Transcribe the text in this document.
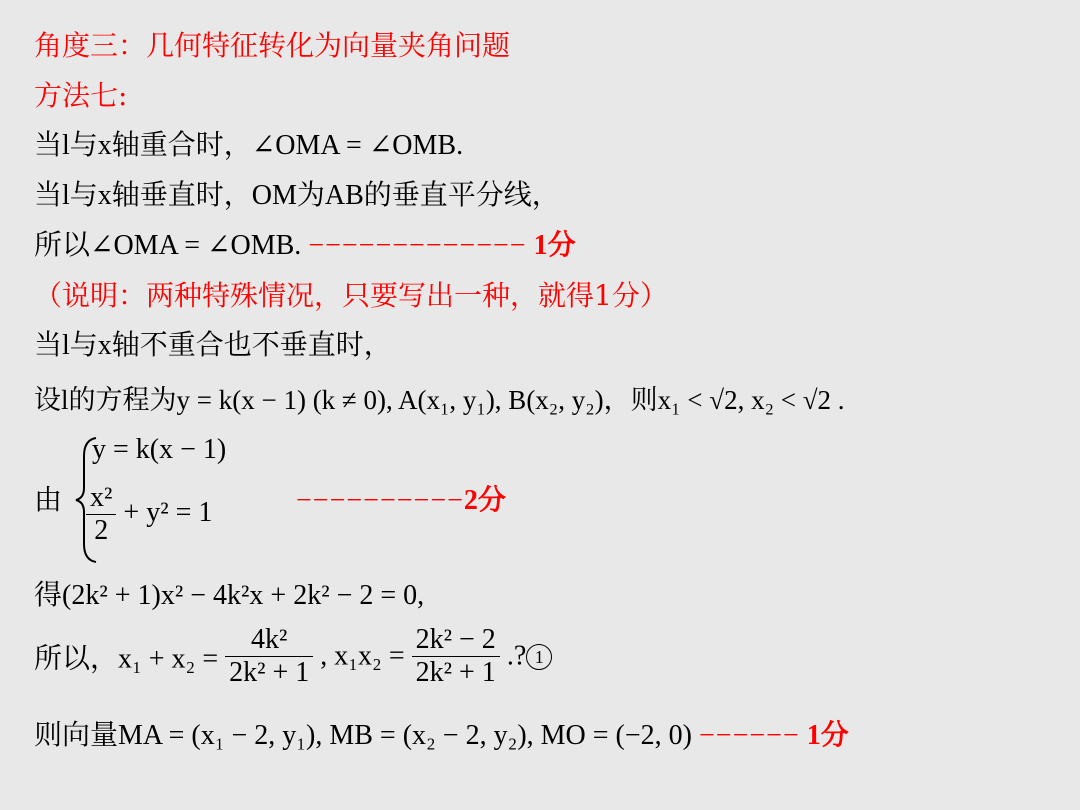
角度三：几何特征转化为向量夹角问题
方法七:
当l与x轴重合时，∠OMA = ∠OMB.
当l与x轴垂直时，OM为AB的垂直平分线，
所以∠OMA = ∠OMB. −−−−−−−−−−−−− 1分
（说明：两种特殊情况，只要写出一种，就得1分）
当l与x轴不重合也不垂直时，
设l的方程为y = k(x − 1) (k ≠ 0), A(x₁, y₁), B(x₂, y₂)，则x₁ < √2, x₂ < √2 .
由
y = k(x − 1)
$\frac{\text{x²}}{2} + y^2 = 1$	−−−−−−−−−−2分
得(2k² + 1)x² − 4k²x + 2k² − 2 = 0,
所以，$x_1 + x_2 = \frac{\text{4k²}}{\text{2k² + 1}}$ , $x_1x_2 = \frac{\text{2k² − 2}}{\text{2k² + 1}}$ .? 1
则向量MA = (x₁ − 2, y₁), MB = (x₂ − 2, y₂), MO = (−2, 0) −−−−−− 1分
